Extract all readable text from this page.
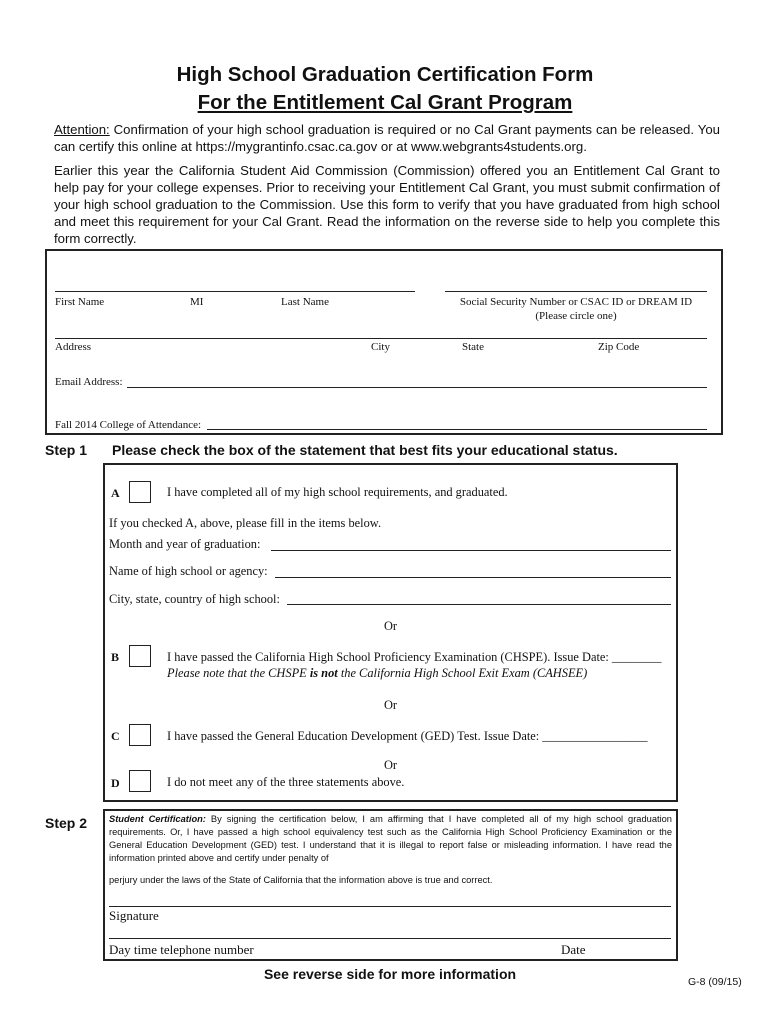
High School Graduation Certification Form
For the Entitlement Cal Grant Program
Attention: Confirmation of your high school graduation is required or no Cal Grant payments can be released. You can certify this online at https://mygrantinfo.csac.ca.gov or at www.webgrants4students.org.
Earlier this year the California Student Aid Commission (Commission) offered you an Entitlement Cal Grant to help pay for your college expenses. Prior to receiving your Entitlement Cal Grant, you must submit confirmation of your high school graduation to the Commission. Use this form to verify that you have graduated from high school and meet this requirement for your Cal Grant. Read the information on the reverse side to help you complete this form correctly.
First Name	MI	Last Name	Social Security Number or CSAC ID or DREAM ID
(Please circle one)
Address	City	State	Zip Code
Email Address:
Fall 2014 College of Attendance:
Step 1 Please check the box of the statement that best fits your educational status.
A	I have completed all of my high school requirements, and graduated.
If you checked A, above, please fill in the items below.
Month and year of graduation:
Name of high school or agency:
City, state, country of high school:
Or
B	I have passed the California High School Proficiency Examination (CHSPE). Issue Date: ________
Please note that the CHSPE is not the California High School Exit Exam (CAHSEE)
Or
C	I have passed the General Education Development (GED) Test. Issue Date: _________________
Or
D	I do not meet any of the three statements above.
Step 2 Student Certification: By signing the certification below, I am affirming that I have completed all of my high school graduation requirements. Or, I have passed a high school equivalency test such as the California High School Proficiency Examination or the General Education Development (GED) test. I understand that it is illegal to report false or misleading information. I have read the information printed above and certify under penalty of
perjury under the laws of the State of California that the information above is true and correct.
Signature
Day time telephone number	Date
See reverse side for more information	G-8 (09/15)
